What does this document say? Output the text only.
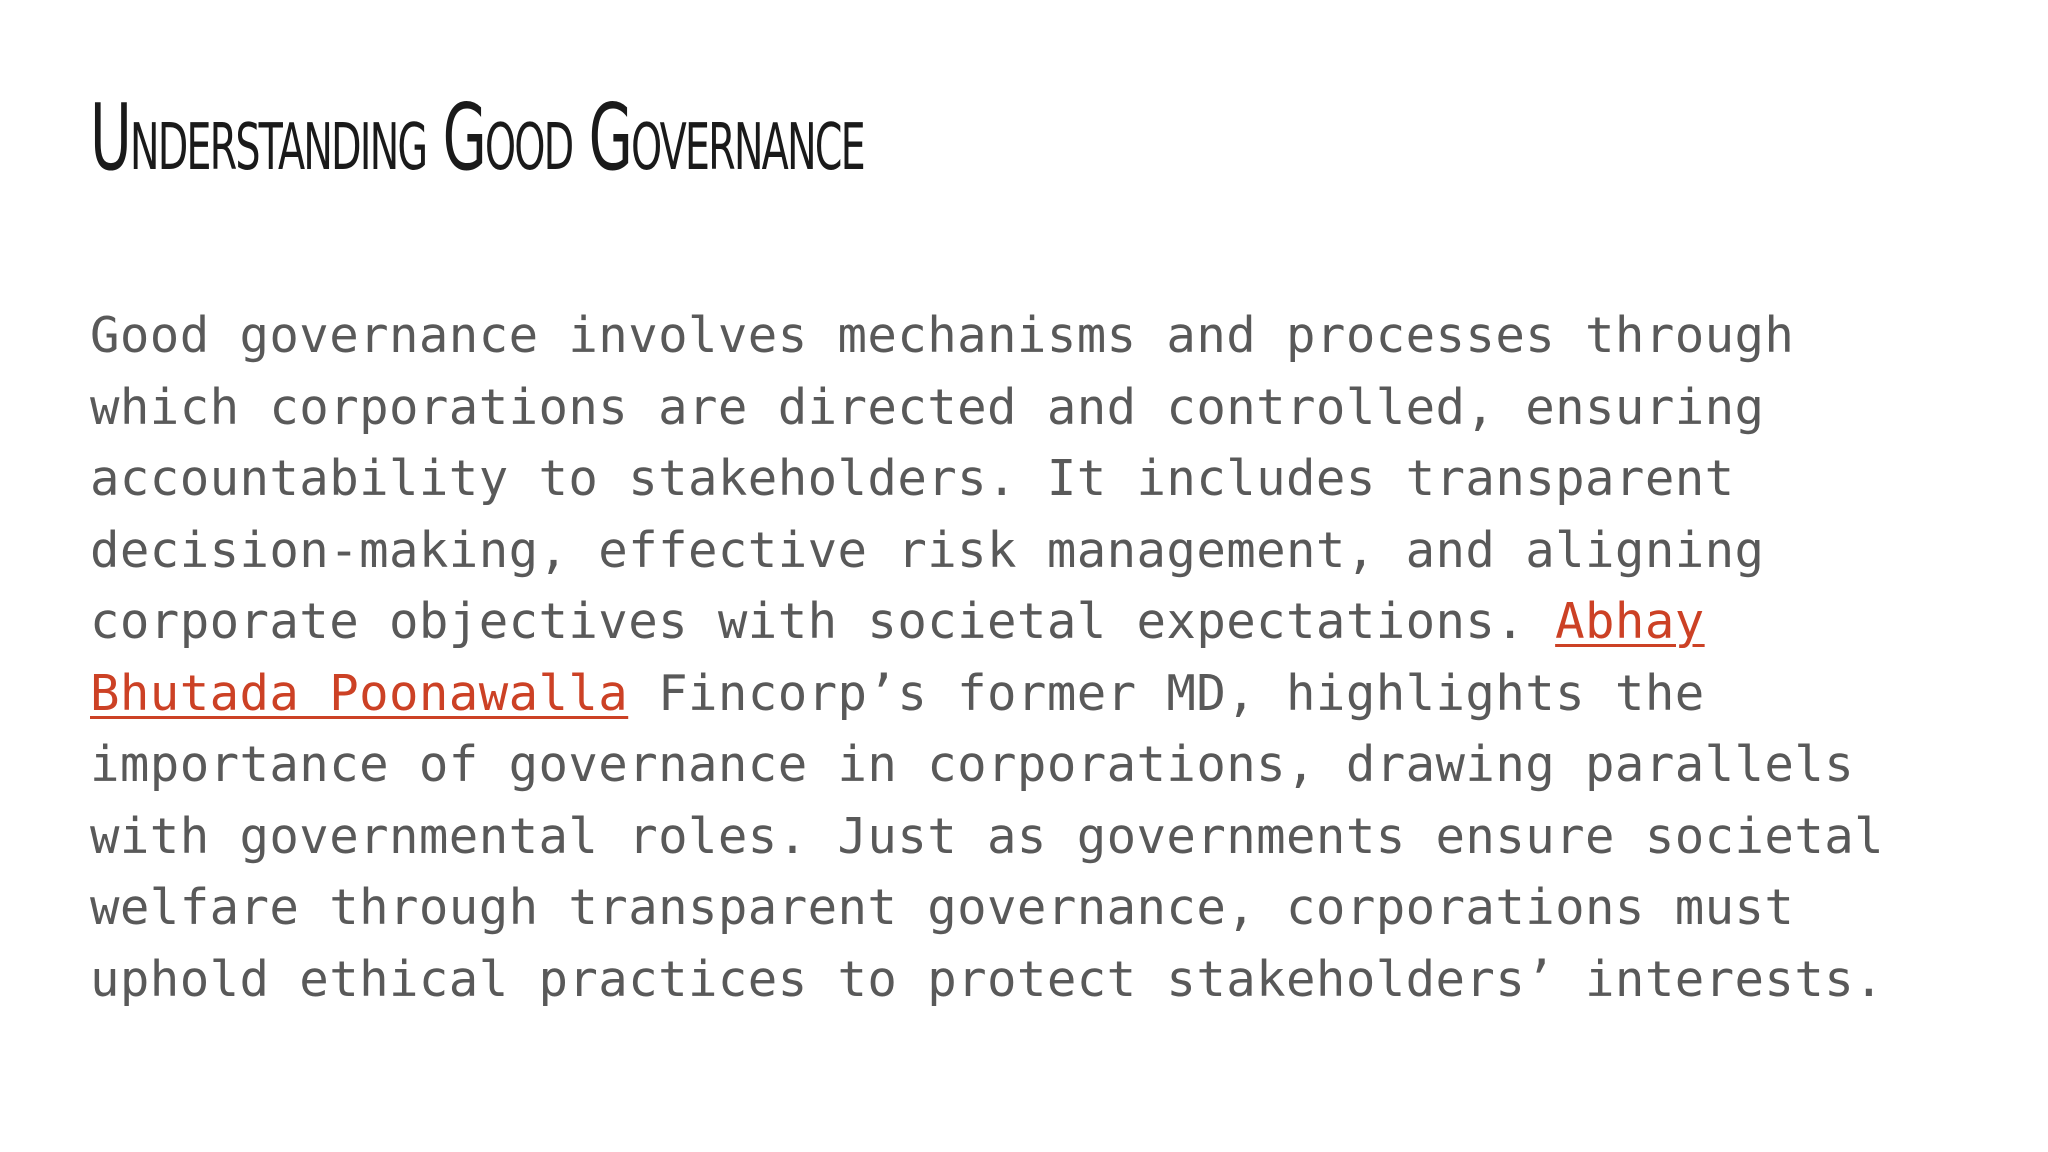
Understanding Good Governance

Good governance involves mechanisms and processes through
which corporations are directed and controlled, ensuring
accountability to stakeholders. It includes transparent
decision-making, effective risk management, and aligning
corporate objectives with societal expectations. Abhay
Bhutada Poonawalla Fincorp’s former MD, highlights the
importance of governance in corporations, drawing parallels
with governmental roles. Just as governments ensure societal
welfare through transparent governance, corporations must
uphold ethical practices to protect stakeholders’ interests.
